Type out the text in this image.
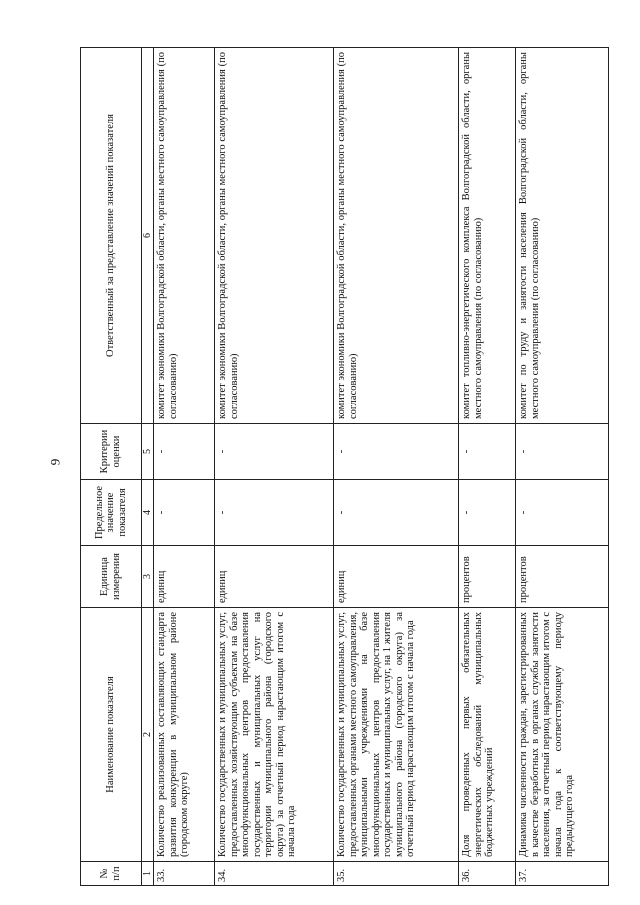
9
№ п/п	Наименование показателя	Единица измерения	Предельное значение показателя	Критерии оценки	Ответственный за представление значений показателя
1	2	3	4	5	6
33.	Количество реализованных составляющих стандарта развития конкуренции в муниципальном районе (городском округе)	единиц	-	-	комитет экономики Волгоградской области, органы местного самоуправления (по согласованию)
34.	Количество государственных и муниципальных услуг, предоставленных хозяйствующим субъектам на базе многофункциональных центров предоставления государственных и муниципальных услуг на территории муниципального района (городского округа) за отчетный период нарастающим итогом с начала года	единиц	-	-	комитет экономики Волгоградской области, органы местного самоуправления (по согласованию)
35.	Количество государственных и муниципальных услуг, предоставленных органами местного самоуправления, муниципальными учреждениями на базе многофункциональных центров предоставления государственных и муниципальных услуг, на 1 жителя муниципального района (городского округа) за отчетный период нарастающим итогом с начала года	единиц	-	-	комитет экономики Волгоградской области, органы местного самоуправления (по согласованию)
36.	Доля проведенных первых обязательных энергетических обследований муниципальных бюджетных учреждений	процентов	-	-	комитет топливно-энергетического комплекса Волгоградской области, органы местного самоуправления (по согласованию)
37.	Динамика численности граждан, зарегистрированных в качестве безработных в органах службы занятости населения, за отчетный период нарастающим итогом с начала года к соответствующему периоду предыдущего года	процентов	-	-	комитет по труду и занятости населения Волгоградской области, органы местного самоуправления (по согласованию)
